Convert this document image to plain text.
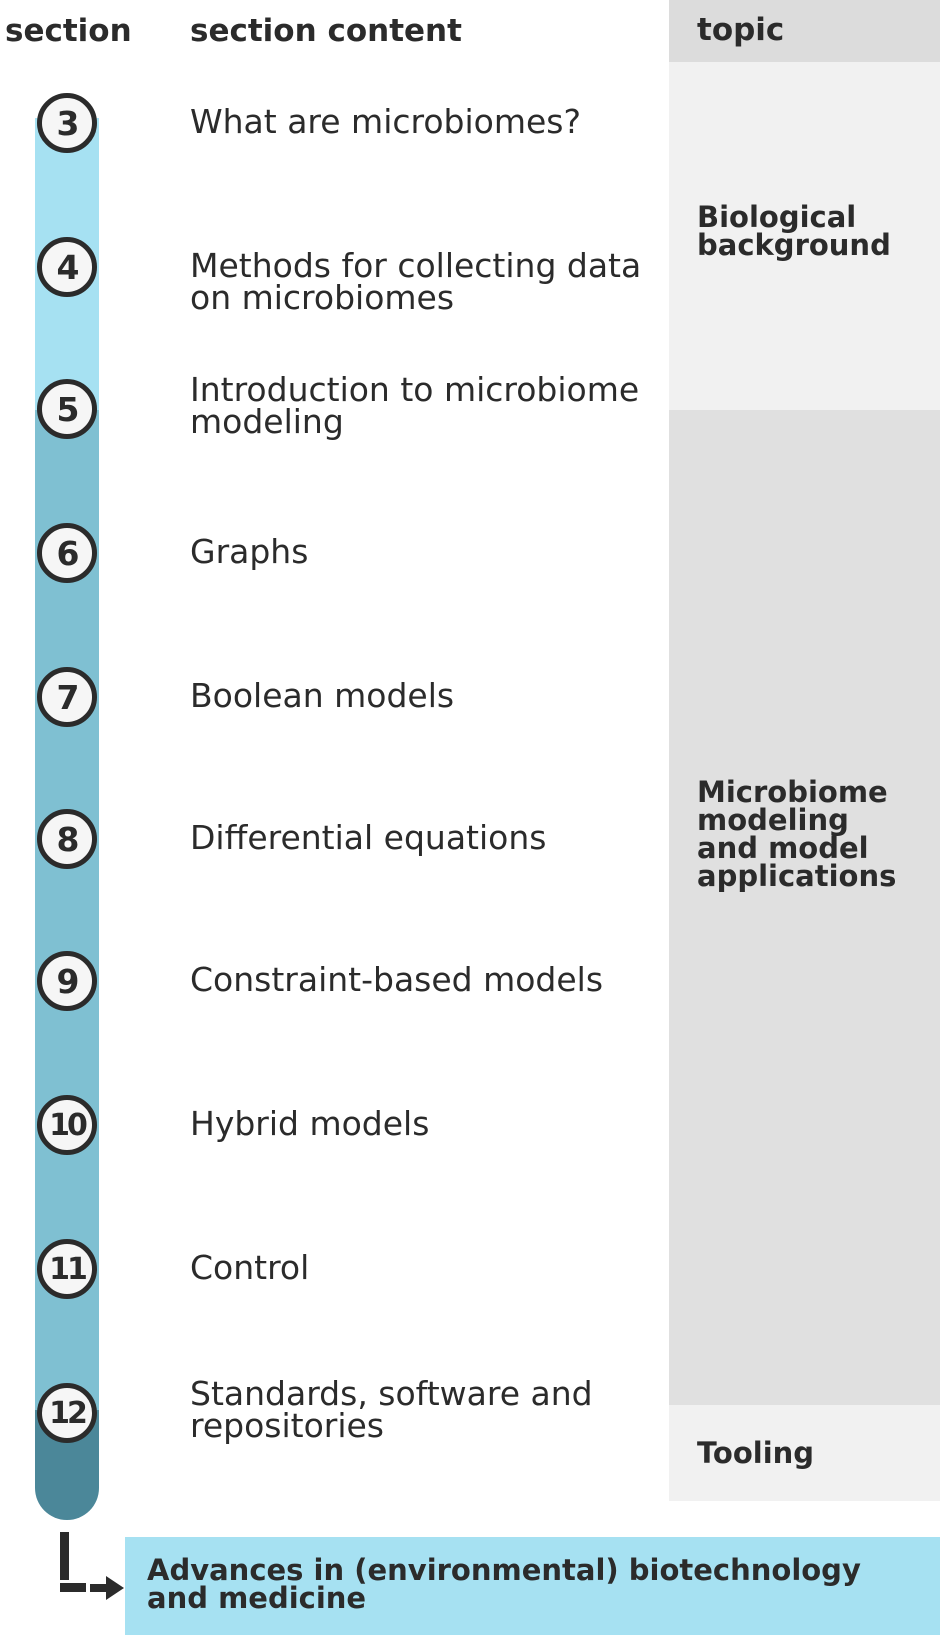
section section content	topic
Biological
background
Microbiome
modeling
and model
applications
Tooling
3
4
5
6
7
8
9
10
11
12
What are microbiomes?
Methods for collecting data on microbiomes
Introduction to microbiome modeling
Graphs
Boolean models
Differential equations
Constraint-based models
Hybrid models
Control
Standards, software and repositories
Advances in (environmental) biotechnology
and medicine
